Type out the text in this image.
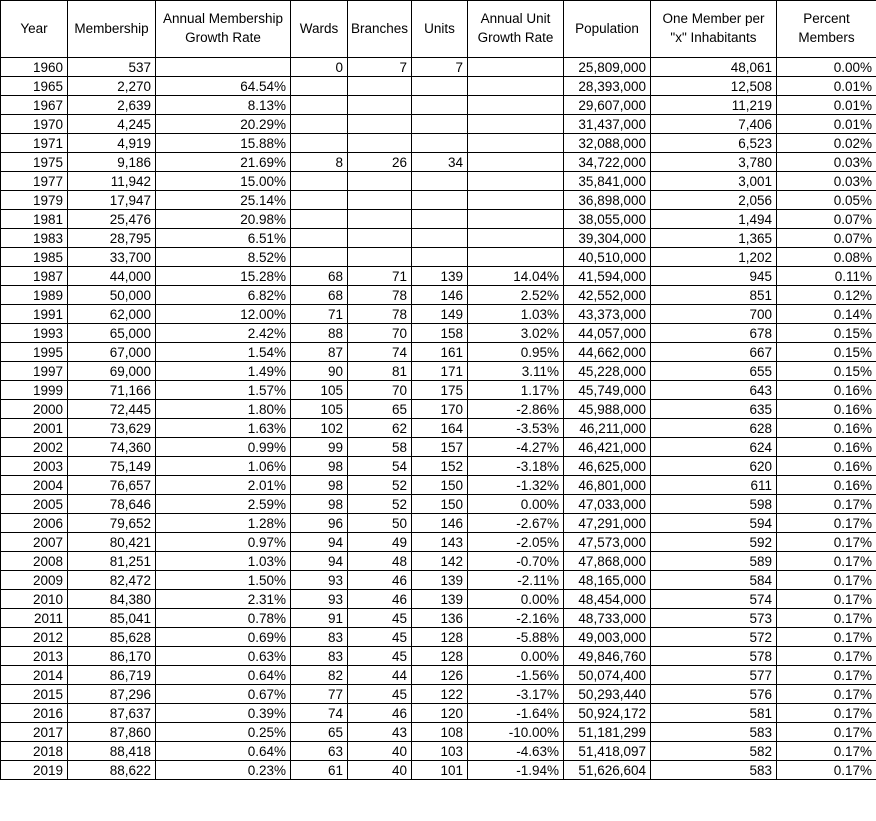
Year	Membership	Annual Membership Growth Rate	Wards	Branches	Units	Annual Unit Growth Rate	Population	One Member per "x" Inhabitants	Percent Members
1960	537		0	7	7		25,809,000	48,061	0.00%
1965	2,270	64.54%					28,393,000	12,508	0.01%
1967	2,639	8.13%					29,607,000	11,219	0.01%
1970	4,245	20.29%					31,437,000	7,406	0.01%
1971	4,919	15.88%					32,088,000	6,523	0.02%
1975	9,186	21.69%	8	26	34		34,722,000	3,780	0.03%
1977	11,942	15.00%					35,841,000	3,001	0.03%
1979	17,947	25.14%					36,898,000	2,056	0.05%
1981	25,476	20.98%					38,055,000	1,494	0.07%
1983	28,795	6.51%					39,304,000	1,365	0.07%
1985	33,700	8.52%					40,510,000	1,202	0.08%
1987	44,000	15.28%	68	71	139	14.04%	41,594,000	945	0.11%
1989	50,000	6.82%	68	78	146	2.52%	42,552,000	851	0.12%
1991	62,000	12.00%	71	78	149	1.03%	43,373,000	700	0.14%
1993	65,000	2.42%	88	70	158	3.02%	44,057,000	678	0.15%
1995	67,000	1.54%	87	74	161	0.95%	44,662,000	667	0.15%
1997	69,000	1.49%	90	81	171	3.11%	45,228,000	655	0.15%
1999	71,166	1.57%	105	70	175	1.17%	45,749,000	643	0.16%
2000	72,445	1.80%	105	65	170	-2.86%	45,988,000	635	0.16%
2001	73,629	1.63%	102	62	164	-3.53%	46,211,000	628	0.16%
2002	74,360	0.99%	99	58	157	-4.27%	46,421,000	624	0.16%
2003	75,149	1.06%	98	54	152	-3.18%	46,625,000	620	0.16%
2004	76,657	2.01%	98	52	150	-1.32%	46,801,000	611	0.16%
2005	78,646	2.59%	98	52	150	0.00%	47,033,000	598	0.17%
2006	79,652	1.28%	96	50	146	-2.67%	47,291,000	594	0.17%
2007	80,421	0.97%	94	49	143	-2.05%	47,573,000	592	0.17%
2008	81,251	1.03%	94	48	142	-0.70%	47,868,000	589	0.17%
2009	82,472	1.50%	93	46	139	-2.11%	48,165,000	584	0.17%
2010	84,380	2.31%	93	46	139	0.00%	48,454,000	574	0.17%
2011	85,041	0.78%	91	45	136	-2.16%	48,733,000	573	0.17%
2012	85,628	0.69%	83	45	128	-5.88%	49,003,000	572	0.17%
2013	86,170	0.63%	83	45	128	0.00%	49,846,760	578	0.17%
2014	86,719	0.64%	82	44	126	-1.56%	50,074,400	577	0.17%
2015	87,296	0.67%	77	45	122	-3.17%	50,293,440	576	0.17%
2016	87,637	0.39%	74	46	120	-1.64%	50,924,172	581	0.17%
2017	87,860	0.25%	65	43	108	-10.00%	51,181,299	583	0.17%
2018	88,418	0.64%	63	40	103	-4.63%	51,418,097	582	0.17%
2019	88,622	0.23%	61	40	101	-1.94%	51,626,604	583	0.17%
